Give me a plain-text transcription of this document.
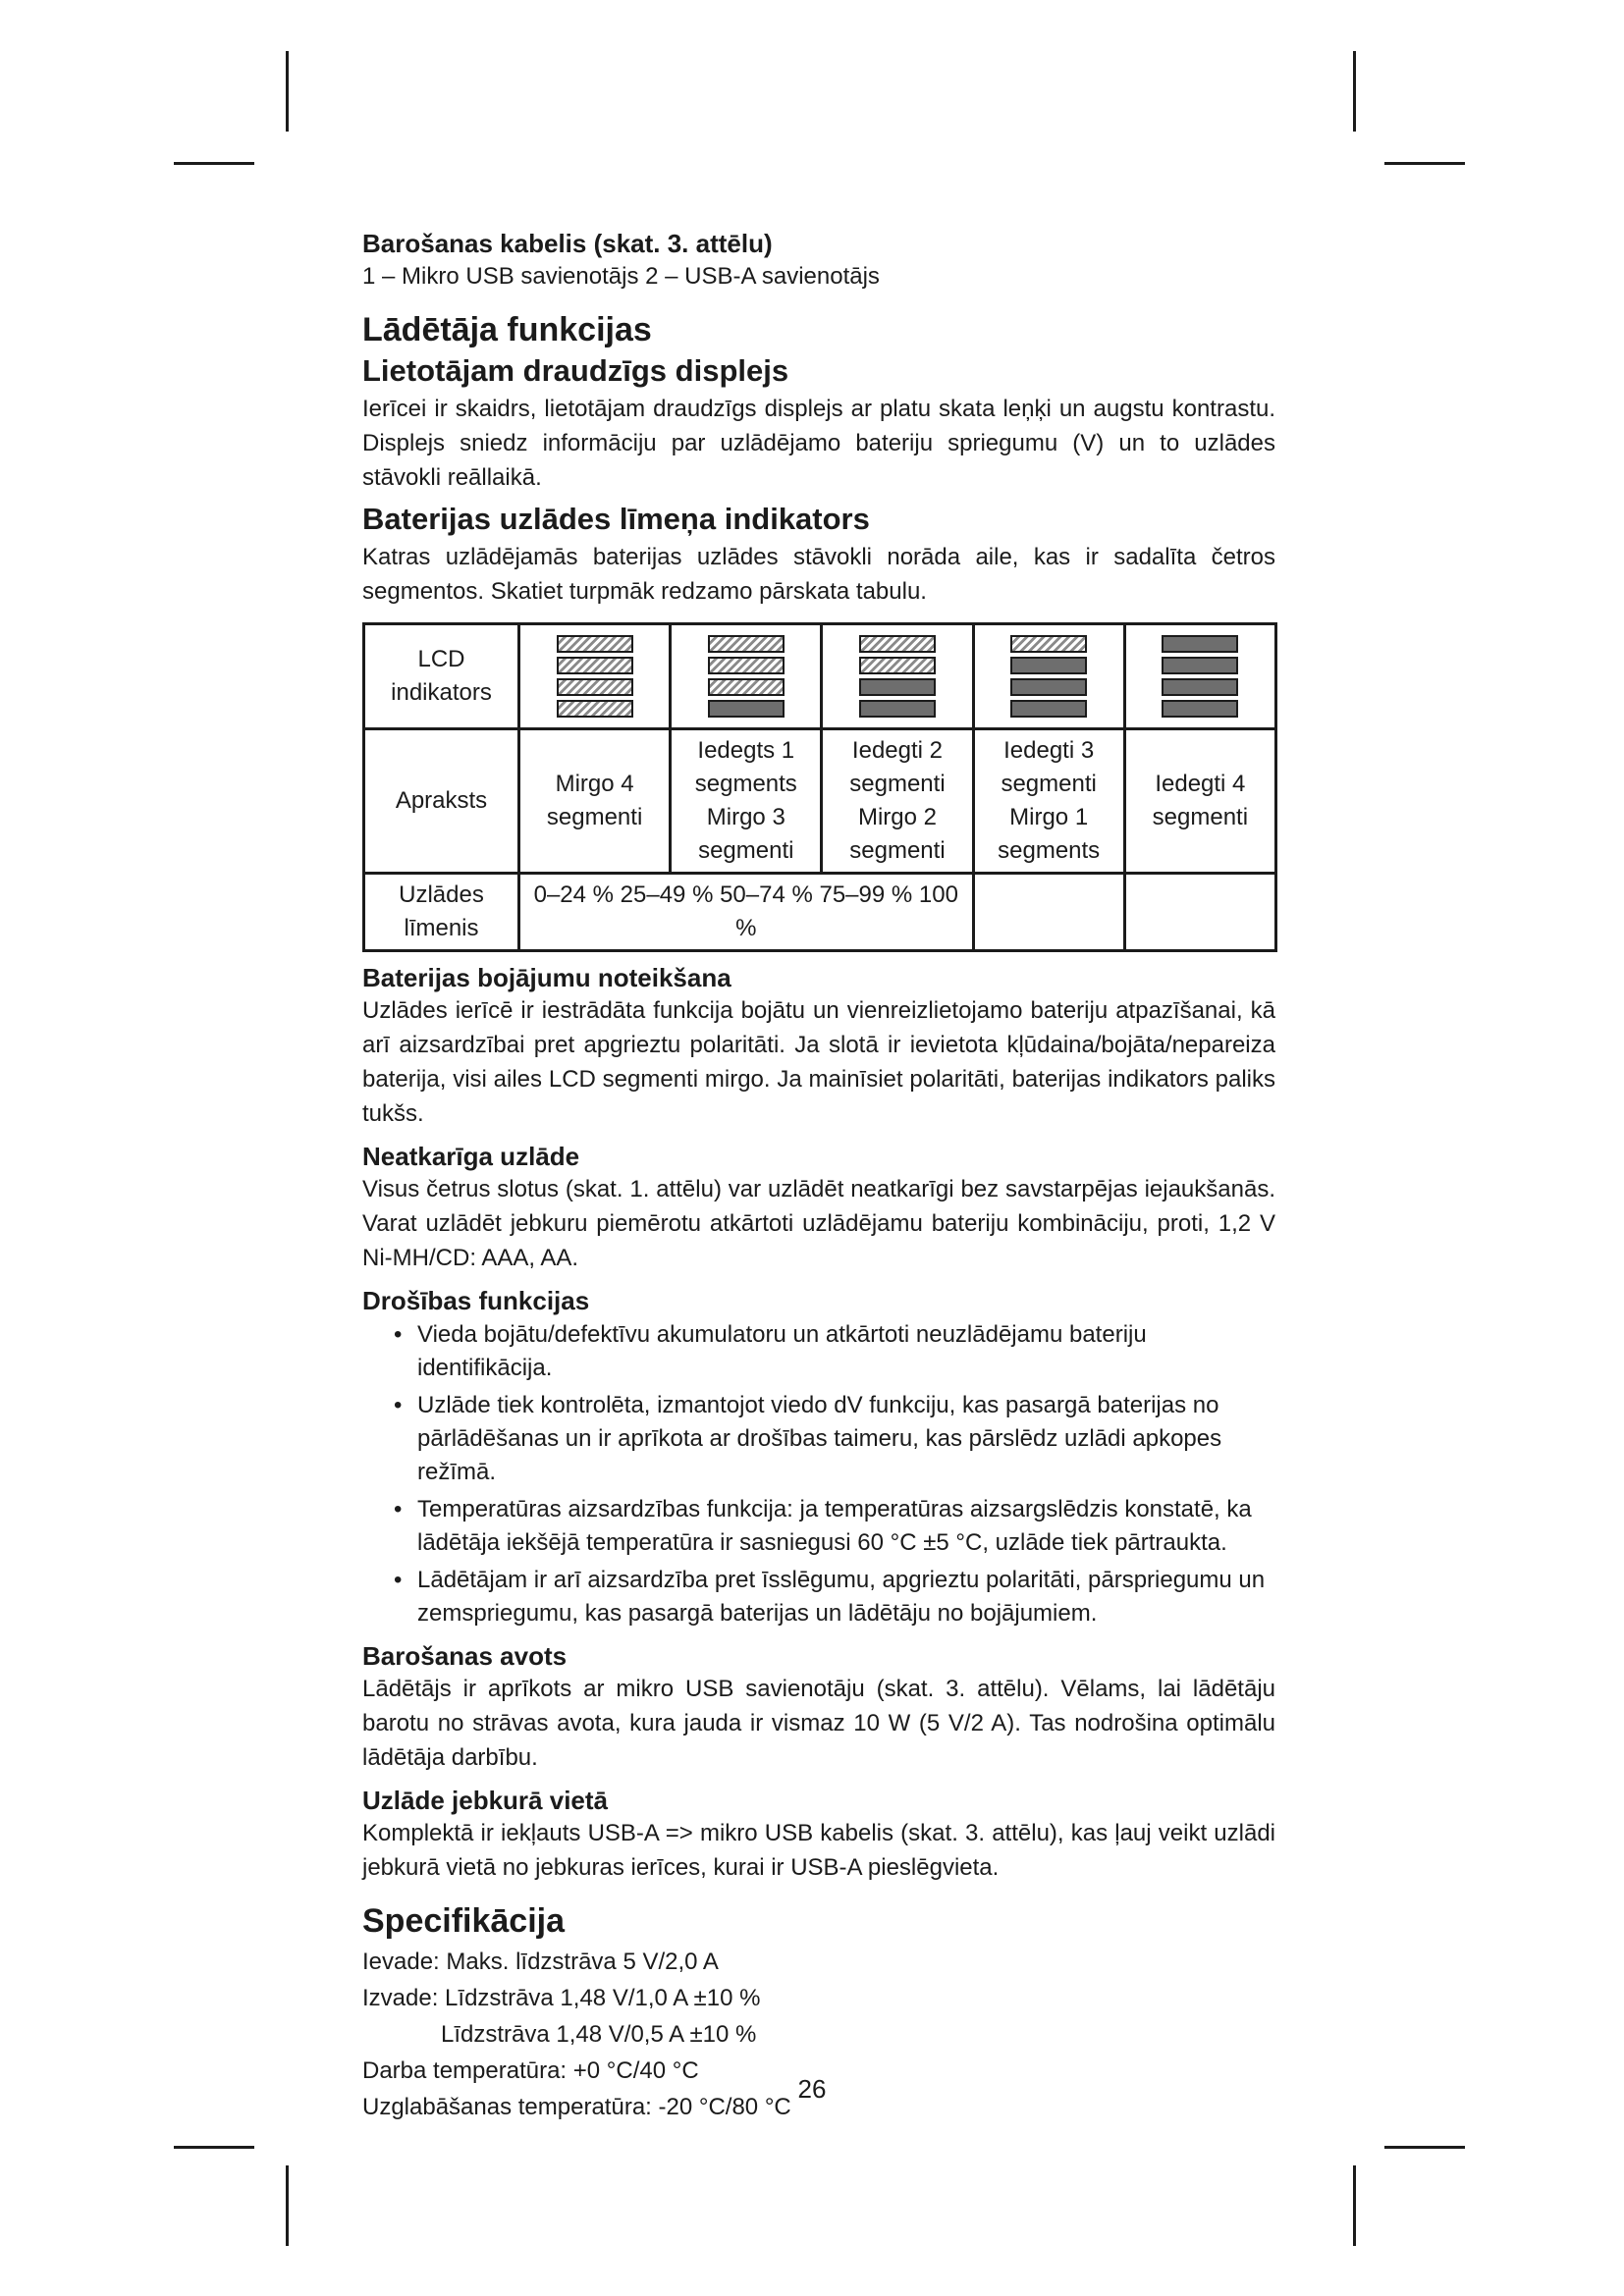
Barošanas kabelis (skat. 3. attēlu)

1 – Mikro USB savienotājs 2 – USB-A savienotājs

Lādētāja funkcijas
Lietotājam draudzīgs displejs

Ierīcei ir skaidrs, lietotājam draudzīgs displejs ar platu skata leņķi un augstu kontrastu. Displejs sniedz informāciju par uzlādējamo bateriju spriegumu (V) un to uzlādes stāvokli reāllaikā.

Baterijas uzlādes līmeņa indikators

Katras uzlādējamās baterijas uzlādes stāvokli norāda aile, kas ir sadalīta četros segmentos. Skatiet turpmāk redzamo pārskata tabulu.

LCD indikators	

Apraksts	Mirgo 4 segmenti	Iedegts 1 segments Mirgo 3 segmenti	Iedegti 2 segmenti Mirgo 2 segmenti	Iedegti 3 segmenti Mirgo 1 segments	Iedegti 4 segmenti
Uzlādes līmenis	0–24 % 25–49 % 50–74 % 75–99 % 100 %				
Baterijas bojājumu noteikšana

Uzlādes ierīcē ir iestrādāta funkcija bojātu un vienreizlietojamo bateriju atpazīšanai, kā arī aizsardzībai pret apgrieztu polaritāti. Ja slotā ir ievietota kļūdaina/bojāta/nepareiza baterija, visi ailes LCD segmenti mirgo. Ja mainīsiet polaritāti, baterijas indikators paliks tukšs.

Neatkarīga uzlāde

Visus četrus slotus (skat. 1. attēlu) var uzlādēt neatkarīgi bez savstarpējas iejaukšanās. Varat uzlādēt jebkuru piemērotu atkārtoti uzlādējamu bateriju kombināciju, proti, 1,2 V Ni-MH/CD: AAA, AA.

Drošības funkcijas
• Vieda bojātu/defektīvu akumulatoru un atkārtoti neuzlādējamu bateriju identifikācija.
• Uzlāde tiek kontrolēta, izmantojot viedo dV funkciju, kas pasargā baterijas no pārlādēšanas un ir aprīkota ar drošības taimeru, kas pārslēdz uzlādi apkopes režīmā.
• Temperatūras aizsardzības funkcija: ja temperatūras aizsargslēdzis konstatē, ka lādētāja iekšējā temperatūra ir sasniegusi 60 °C ±5 °C, uzlāde tiek pārtraukta.
• Lādētājam ir arī aizsardzība pret īsslēgumu, apgrieztu polaritāti, pārspriegumu un zemspriegumu, kas pasargā baterijas un lādētāju no bojājumiem.
Barošanas avots

Lādētājs ir aprīkots ar mikro USB savienotāju (skat. 3. attēlu). Vēlams, lai lādētāju barotu no strāvas avota, kura jauda ir vismaz 10 W (5 V/2 A). Tas nodrošina optimālu lādētāja darbību.

Uzlāde jebkurā vietā

Komplektā ir iekļauts USB-A => mikro USB kabelis (skat. 3. attēlu), kas ļauj veikt uzlādi jebkurā vietā no jebkuras ierīces, kurai ir USB-A pieslēgvieta.

Specifikācija
Ievade: Maks. līdzstrāva 5 V/2,0 A
Izvade: Līdzstrāva 1,48 V/1,0 A ±10 %
Līdzstrāva 1,48 V/0,5 A ±10 %
Darba temperatūra: +0 °C/40 °C
Uzglabāšanas temperatūra: -20 °C/80 °C
26
